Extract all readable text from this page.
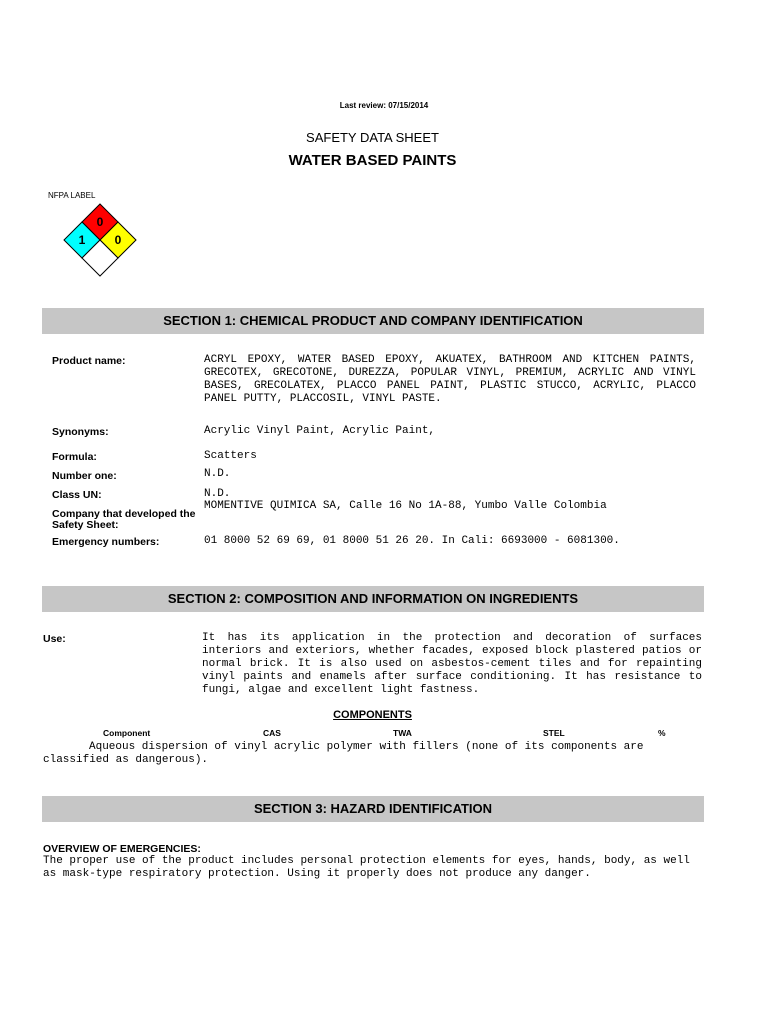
Last review: 07/15/2014
SAFETY DATA SHEET
WATER BASED PAINTS
NFPA LABEL
0
1 0
SECTION 1: CHEMICAL PRODUCT AND COMPANY IDENTIFICATION
Product name:	ACRYL EPOXY, WATER BASED EPOXY, AKUATEX, BATHROOM AND KITCHEN PAINTS, GRECOTEX, GRECOTONE, DUREZZA, POPULAR VINYL, PREMIUM, ACRYLIC AND VINYL BASES, GRECOLATEX, PLACCO PANEL PAINT, PLASTIC STUCCO, ACRYLIC, PLACCO PANEL PUTTY, PLACCOSIL, VINYL PASTE.
Synonyms:	Acrylic Vinyl Paint, Acrylic Paint,
Formula:	Scatters
Number one:	N.D.
Class UN:	N.D.
Company that developed the Safety Sheet:
MOMENTIVE QUIMICA SA, Calle 16 No 1A-88, Yumbo Valle Colombia
Emergency numbers:	01 8000 52 69 69, 01 8000 51 26 20. In Cali: 6693000 - 6081300.
SECTION 2: COMPOSITION AND INFORMATION ON INGREDIENTS
Use:	It has its application in the protection and decoration of surfaces interiors and exteriors, whether facades, exposed block plastered patios or normal brick. It is also used on asbestos-cement tiles and for repainting vinyl paints and enamels after surface conditioning. It has resistance to fungi, algae and excellent light fastness.
COMPONENTS
Component	CAS	TWA	STEL	%
Aqueous dispersion of vinyl acrylic polymer with fillers (none of its components are classified as dangerous).
SECTION 3: HAZARD IDENTIFICATION
OVERVIEW OF EMERGENCIES:
The proper use of the product includes personal protection elements for eyes, hands, body, as well as mask-type respiratory protection. Using it properly does not produce any danger.
